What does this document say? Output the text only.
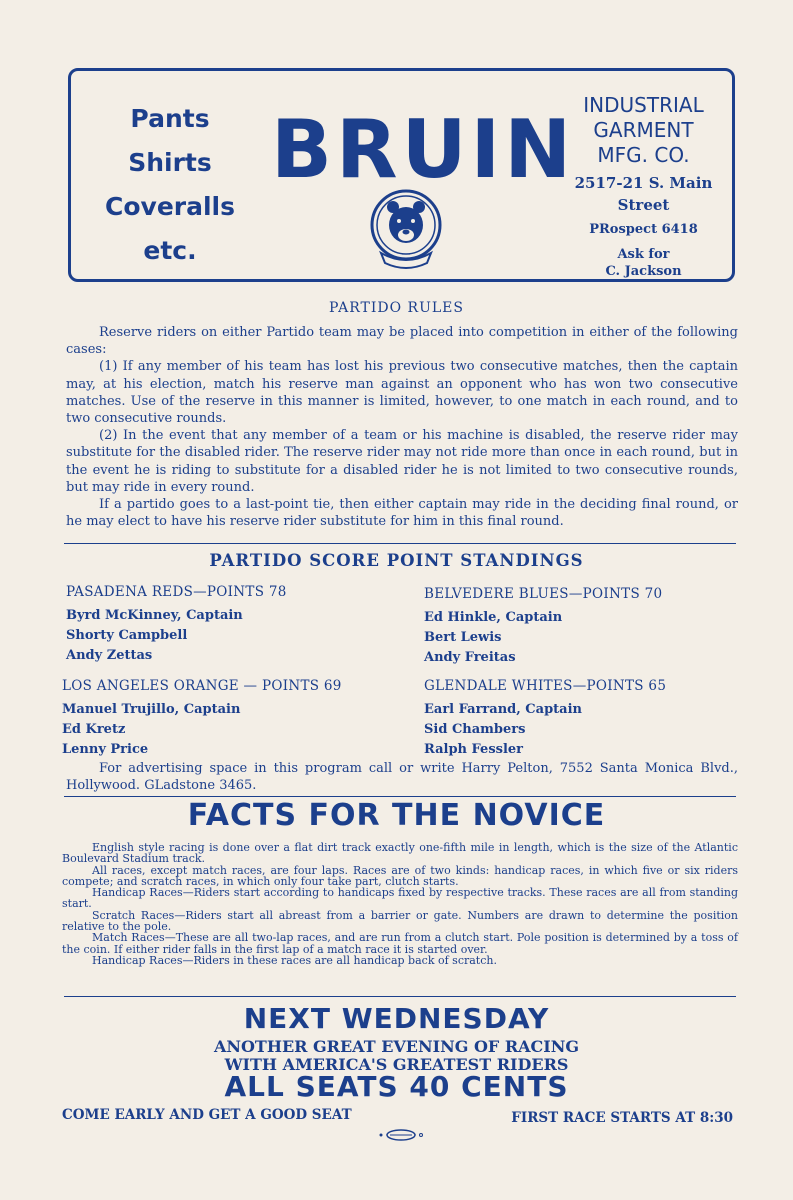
Pants
Shirts
Coveralls
etc.
BRUIN INDUSTRIAL
GARMENT
MFG. CO.
2517-21 S. Main
Street
PRospect 6418
Ask for
C. Jackson
PARTIDO RULES

Reserve riders on either Partido team may be placed into competition in either of the following cases:

(1) If any member of his team has lost his previous two consecutive matches, then the captain may, at his election, match his reserve man against an opponent who has won two consecutive matches. Use of the reserve in this manner is limited, however, to one match in each round, and to two consecutive rounds.

(2) In the event that any member of a team or his machine is disabled, the reserve rider may substitute for the disabled rider. The reserve rider may not ride more than once in each round, but in the event he is riding to substitute for a disabled rider he is not limited to two consecutive rounds, but may ride in every round.

If a partido goes to a last-point tie, then either captain may ride in the deciding final round, or he may elect to have his reserve rider substitute for him in this final round.

PARTIDO SCORE POINT STANDINGS
PASADENA REDS—POINTS 78
Byrd McKinney, Captain
Shorty Campbell
Andy Zettas
BELVEDERE BLUES—POINTS 70
Ed Hinkle, Captain
Bert Lewis
Andy Freitas
LOS ANGELES ORANGE — POINTS 69
Manuel Trujillo, Captain
Ed Kretz
Lenny Price
GLENDALE WHITES—POINTS 65
Earl Farrand, Captain
Sid Chambers
Ralph Fessler
For advertising space in this program call or write Harry Pelton, 7552 Santa Monica Blvd., Hollywood. GLadstone 3465.
FACTS FOR THE NOVICE

English style racing is done over a flat dirt track exactly one-fifth mile in length, which is the size of the Atlantic Boulevard Stadium track.

All races, except match races, are four laps. Races are of two kinds: handicap races, in which five or six riders compete; and scratch races, in which only four take part, clutch starts.

Handicap Races—Riders start according to handicaps fixed by respective tracks. These races are all from standing start.

Scratch Races—Riders start all abreast from a barrier or gate. Numbers are drawn to determine the position relative to the pole.

Match Races—These are all two-lap races, and are run from a clutch start. Pole position is determined by a toss of the coin. If either rider falls in the first lap of a match race it is started over.

Handicap Races—Riders in these races are all handicap back of scratch.

NEXT WEDNESDAY
ANOTHER GREAT EVENING OF RACING
WITH AMERICA'S GREATEST RIDERS
ALL SEATS 40 CENTS
COME EARLY AND GET A GOOD SEAT	FIRST RACE STARTS AT 8:30
